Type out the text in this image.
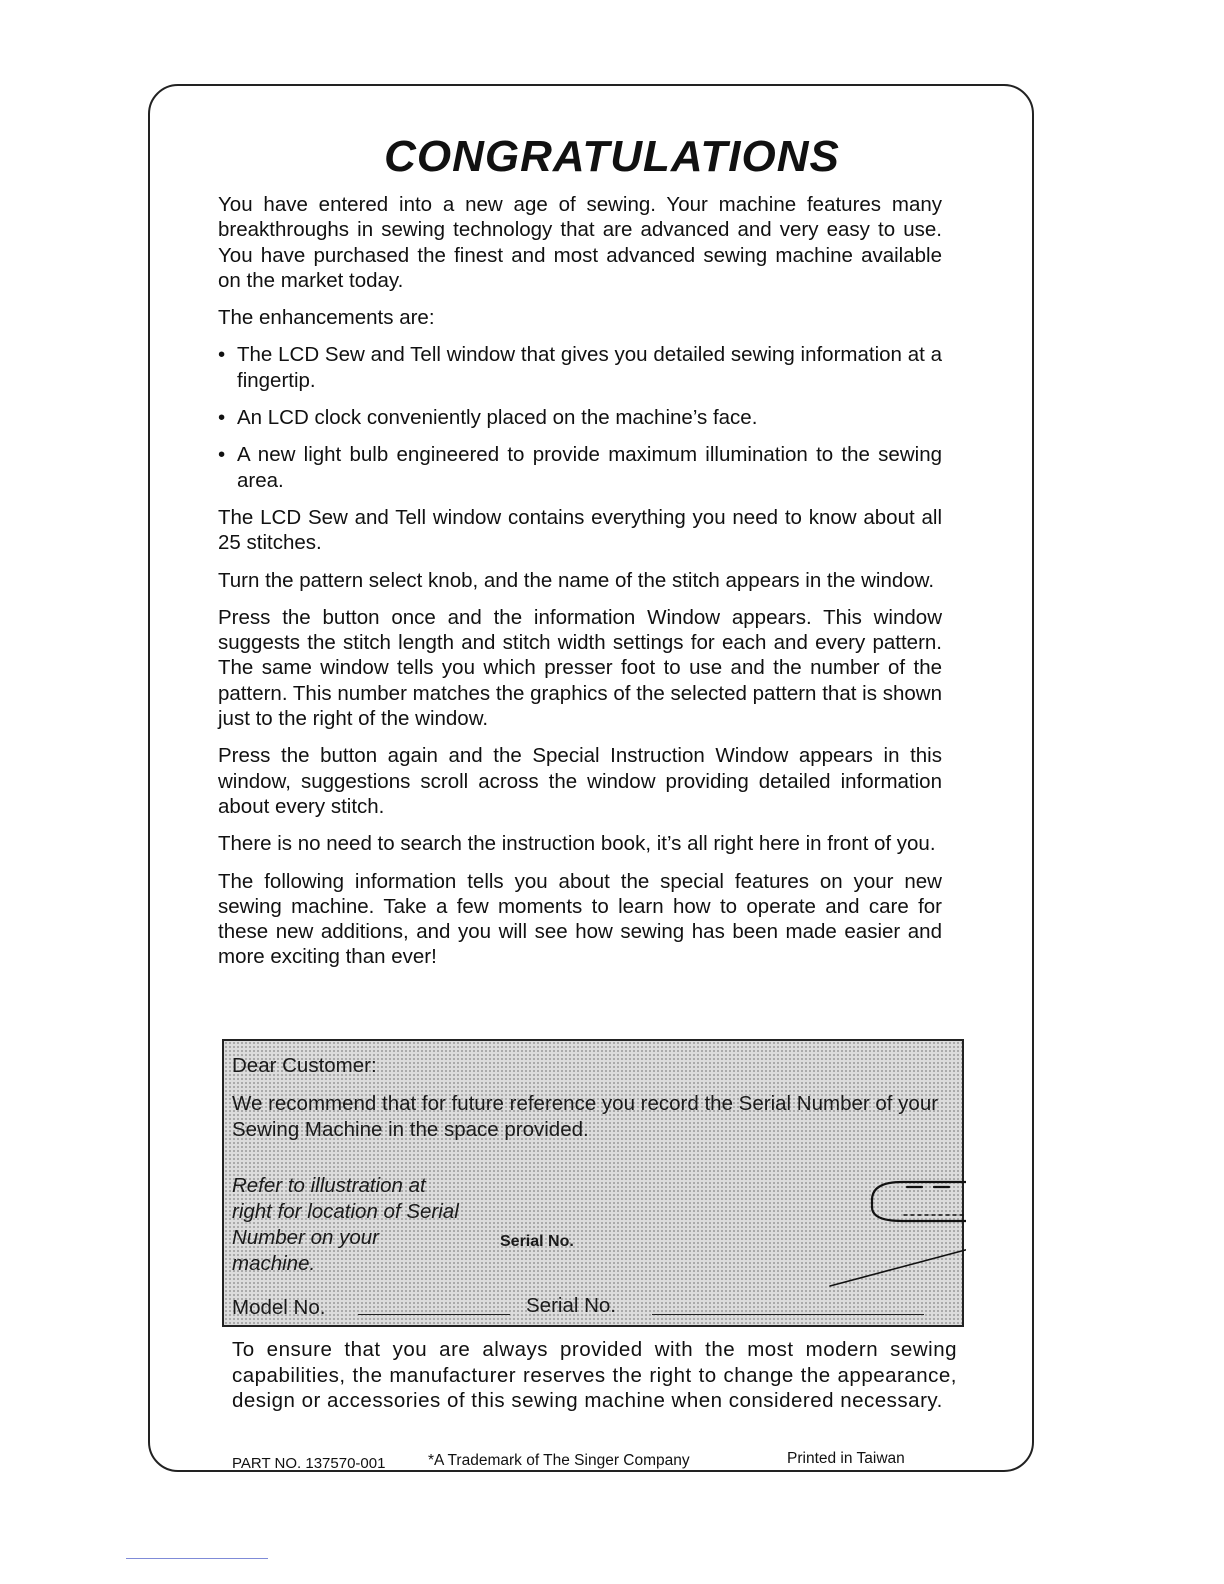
CONGRATULATIONS

You have entered into a new age of sewing. Your machine features many breakthroughs in sewing technology that are advanced and very easy to use. You have purchased the finest and most advanced sewing machine available on the market today.

The enhancements are:

• The LCD Sew and Tell window that gives you detailed sewing information at a fingertip.
• An LCD clock conveniently placed on the machine’s face.
• A new light bulb engineered to provide maximum illumination to the sewing area.

The LCD Sew and Tell window contains everything you need to know about all 25 stitches.

Turn the pattern select knob, and the name of the stitch appears in the window.

Press the button once and the information Window appears. This window suggests the stitch length and stitch width settings for each and every pattern. The same window tells you which presser foot to use and the number of the pattern. This number matches the graphics of the selected pattern that is shown just to the right of the window.

Press the button again and the Special Instruction Window appears in this window, suggestions scroll across the window providing detailed information about every stitch.

There is no need to search the instruction book, it’s all right here in front of you.

The following information tells you about the special features on your new sewing machine. Take a few moments to learn how to operate and care for these new additions, and you will see how sewing has been made easier and more exciting than ever!

Dear Customer:

We recommend that for future reference you record the Serial Number of your Sewing Machine in the space provided.

Refer to illustration at right for location of Serial Number on your machine.

Serial No.

Model No.	Serial No.

To ensure that you are always provided with the most modern sewing capabilities, the manufacturer reserves the right to change the appearance, design or accessories of this sewing machine when considered necessary.

PART NO. 137570-001	*A Trademark of The Singer Company	Printed in Taiwan
